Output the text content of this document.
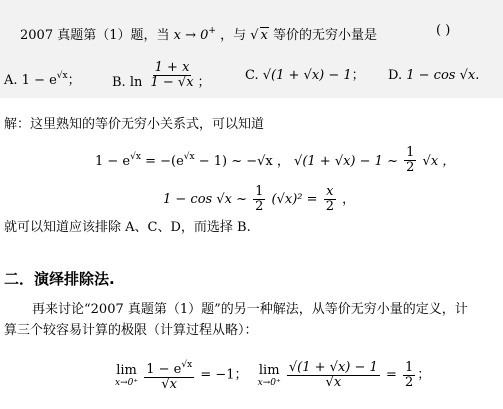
2007 真题第（1）题，当 x → 0+ ，与 √ x 等价的无穷小量是	( )
A. $1 - e^{√x}$； B. $\ln \frac{1 + x}{1 - √x}$ ；	C. √(1 + √x) − 1； D. 1 − cos √x.
解：这里熟知的等价无穷小关系式，可以知道
$1 - e^{√x} = -(e^{√x} - 1)$ ~ −√x ， √(1 + √x) − 1 ~ $\frac{1}{2} √x$ ，
1 − cos √x ~ $\frac{1}{2} (√x)^2 = \frac{x}{2}$ ，
就可以知道应该排除 A、C、D，而选择 B.
二．演绎排除法.
再来讨论“2007 真题第（1）题”的另一种解法，从等价无穷小量的定义，计
算三个较容易计算的极限（计算过程从略）：
lim
x→0⁺
$\frac{1 - e^{√x}}{√x} = -1$； lim
x→0⁺
$\frac{√(1 + √x) - 1}{√x} = \frac{1}{2}$ ；
